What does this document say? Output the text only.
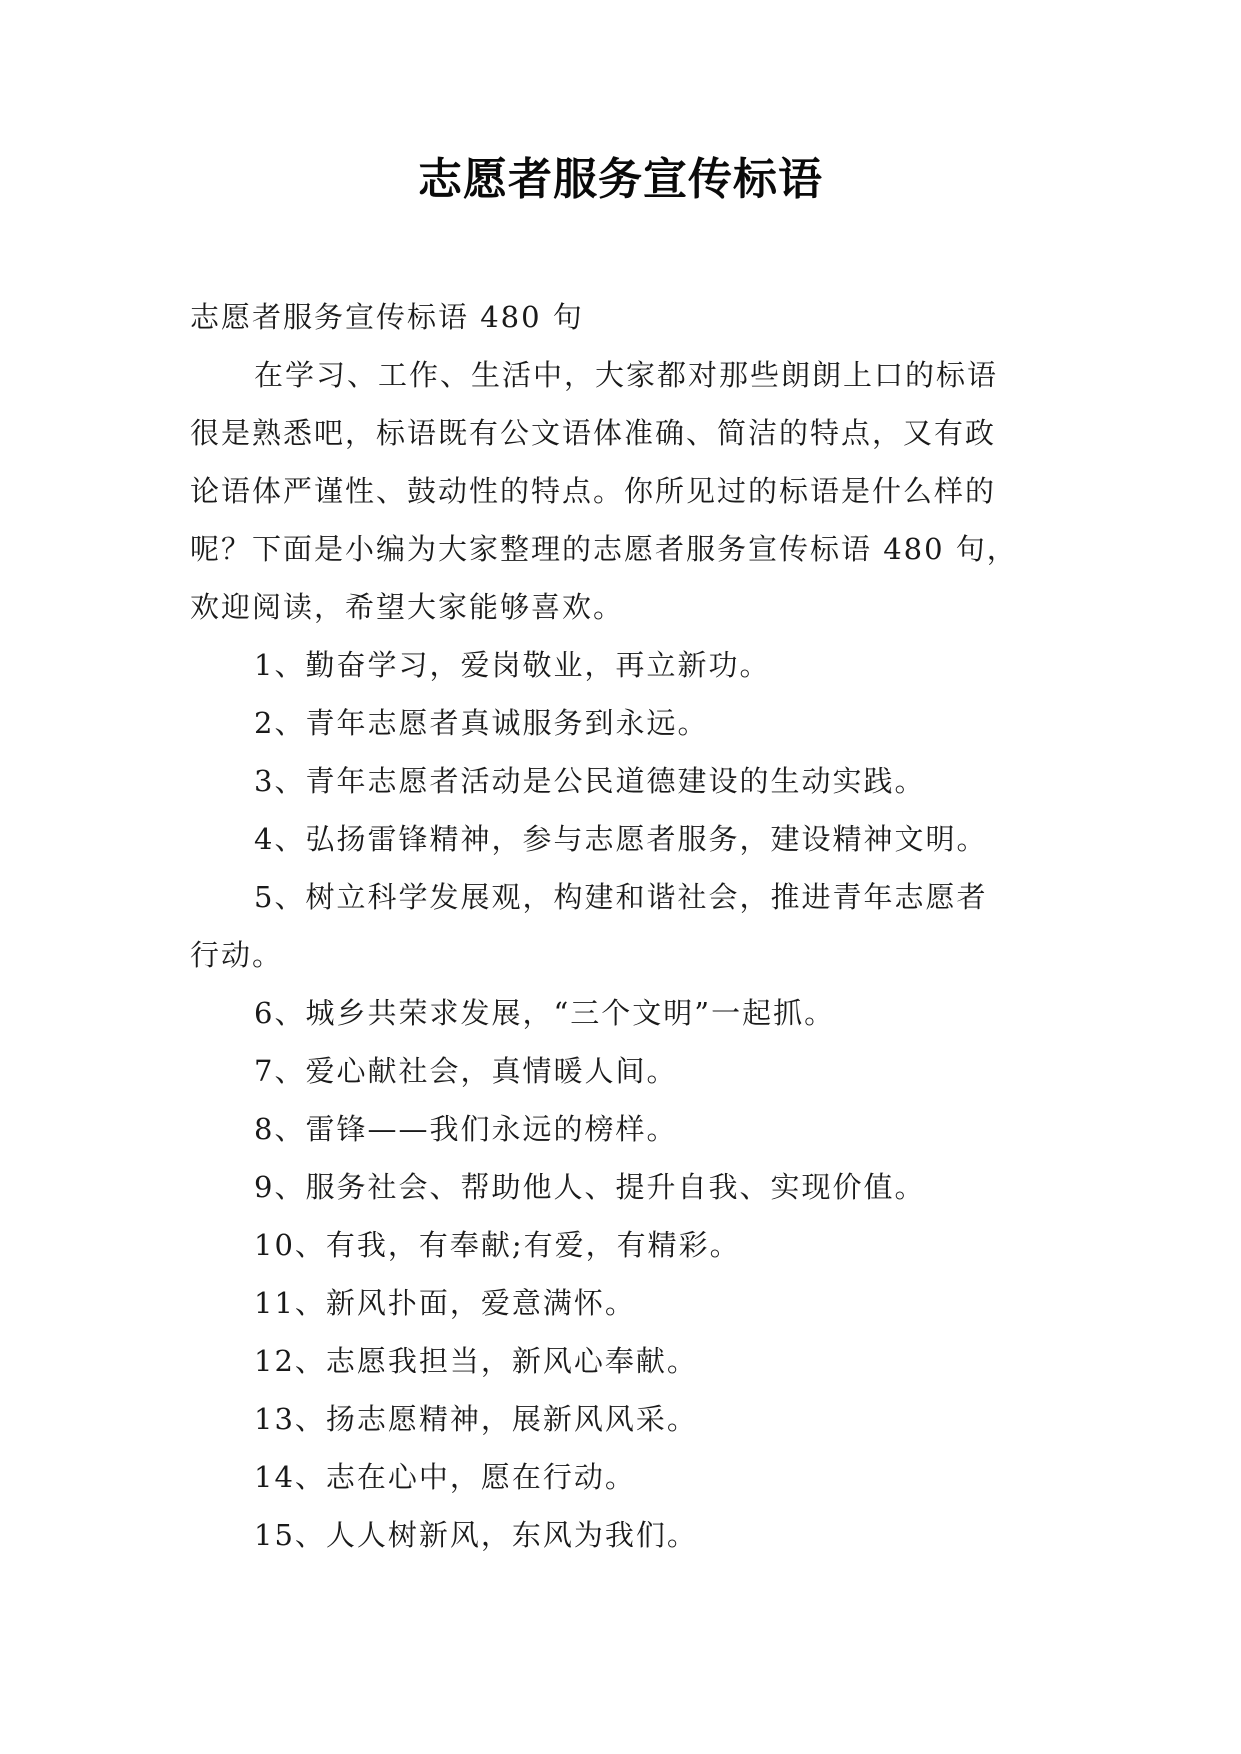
志愿者服务宣传标语
志愿者服务宣传标语 480 句
在学习、工作、生活中，大家都对那些朗朗上口的标语
很是熟悉吧，标语既有公文语体准确、简洁的特点，又有政
论语体严谨性、鼓动性的特点。你所见过的标语是什么样的
呢？下面是小编为大家整理的志愿者服务宣传标语 480 句，
欢迎阅读，希望大家能够喜欢。
1、勤奋学习，爱岗敬业，再立新功。
2、青年志愿者真诚服务到永远。
3、青年志愿者活动是公民道德建设的生动实践。
4、弘扬雷锋精神，参与志愿者服务，建设精神文明。
5、树立科学发展观，构建和谐社会，推进青年志愿者
行动。
6、城乡共荣求发展，“三个文明”一起抓。
7、爱心献社会，真情暖人间。
8、雷锋——我们永远的榜样。
9、服务社会、帮助他人、提升自我、实现价值。
10、有我，有奉献;有爱，有精彩。
11、新风扑面，爱意满怀。
12、志愿我担当，新风心奉献。
13、扬志愿精神，展新风风采。
14、志在心中，愿在行动。
15、人人树新风，东风为我们。
